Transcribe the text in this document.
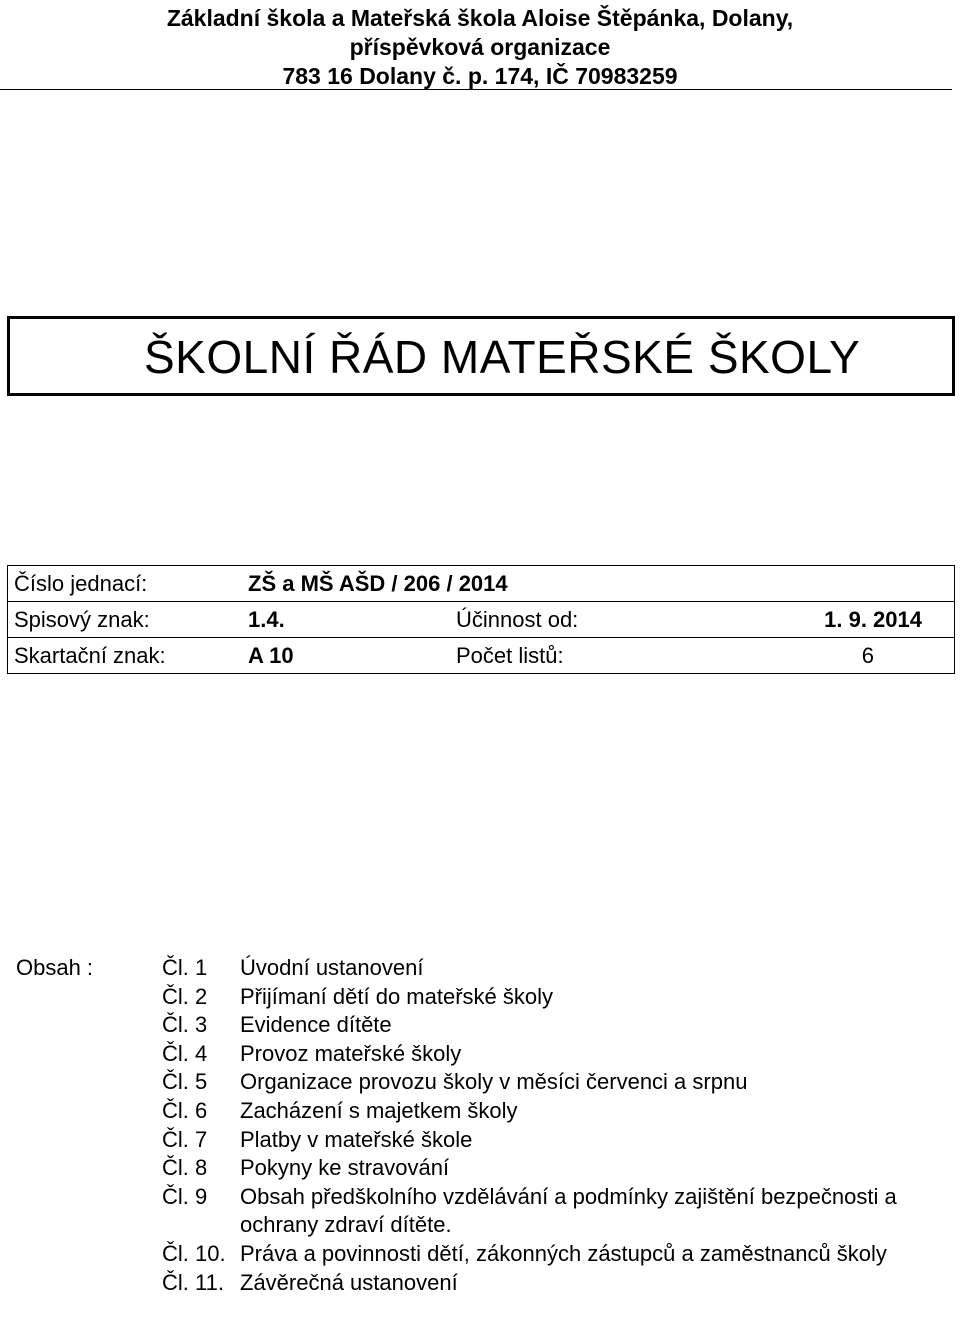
Základní škola a Mateřská škola Aloise Štěpánka, Dolany,
příspěvková organizace
783 16 Dolany č. p. 174, IČ 70983259
ŠKOLNÍ ŘÁD MATEŘSKÉ ŠKOLY
Číslo jednací:	ZŠ a MŠ AŠD / 206 / 2014		
Spisový znak:	1.4.	Účinnost od:	1. 9. 2014
Skartační znak:	A 10	Počet listů:	6
Obsah :	Čl. 1	Úvodní ustanovení
Čl. 2	Přijímaní dětí do mateřské školy
Čl. 3	Evidence dítěte
Čl. 4	Provoz mateřské školy
Čl. 5	Organizace provozu školy v měsíci červenci a srpnu
Čl. 6	Zacházení s majetkem školy
Čl. 7	Platby v mateřské škole
Čl. 8	Pokyny ke stravování
Čl. 9	Obsah předškolního vzdělávání a podmínky zajištění bezpečnosti a ochrany zdraví dítěte.
Čl. 10. Práva a povinnosti dětí, zákonných zástupců a zaměstnanců školy
Čl. 11. Závěrečná ustanovení
